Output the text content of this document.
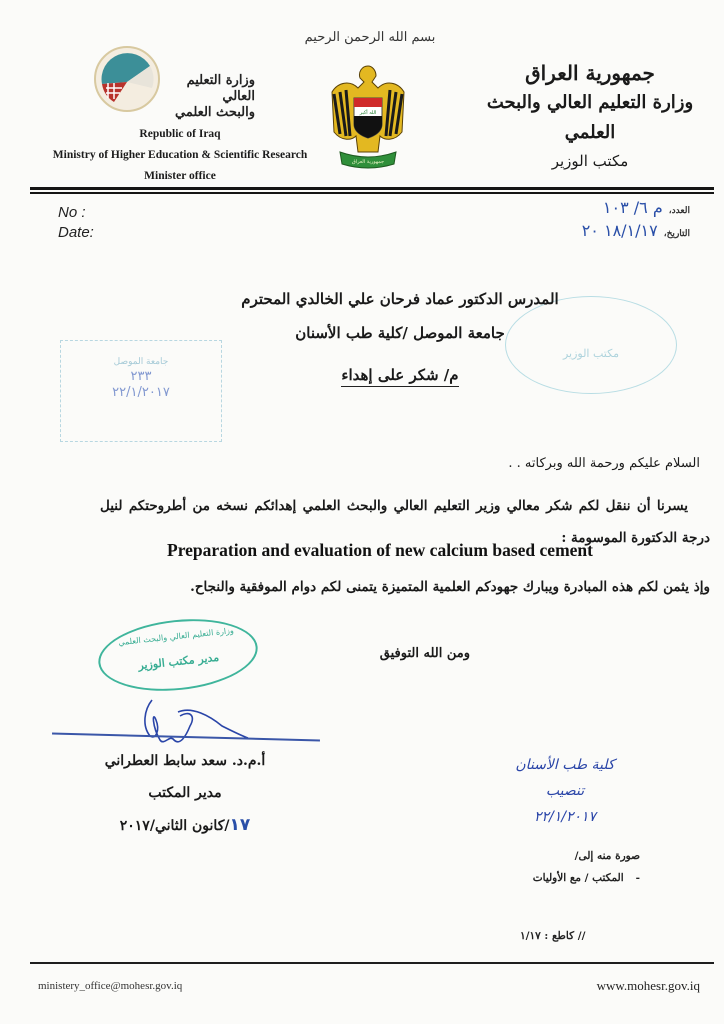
وزارة التعليم العالي
والبحث العلمي
Republic of Iraq
Ministry of Higher Education & Scientific Research
Minister office
بسم الله الرحمن الرحيم
الله أكبر
جمهورية العراق
جمهورية العراق
وزارة التعليم العالي والبحث العلمي
مكتب الوزير
No :
Date:
العدد،م ٦/ ١٠٣
التاريخ،١٨/١/١٧ ٢٠
جامعة الموصل
٢٣٣
٢٢/١/٢٠١٧
مكتب الوزير
المدرس الدكتور عماد فرحان علي الخالدي المحترم
جامعة الموصل /كلية طب الأسنان
م/ شكر على إهداء
السلام عليكم ورحمة الله وبركاته . .
يسرنا أن ننقل لكم شكر معالي وزير التعليم العالي والبحث العلمي إهدائكم نسخه من أطروحتكم لنيل درجة الدكتورة الموسومة :
Preparation and evaluation of new calcium based cement
وإذ يثمن لكم هذه المبادرة ويبارك جهودكم العلمية المتميزة يتمنى لكم دوام الموفقية والنجاح.
ومن الله التوفيق
وزارة التعليم العالي والبحث العلمي
مدير مكتب الوزير
أ.م.د. سعد سابط العطراني
مدير المكتب
١٧/كانون الثاني/٢٠١٧
كلية طب الأسنان
تنصيب
٢٢/١/٢٠١٧
صورة منه إلى/
-المكتب / مع الأوليات
// كاطع : ١/١٧
ministery_office@mohesr.gov.iq	www.mohesr.gov.iq
